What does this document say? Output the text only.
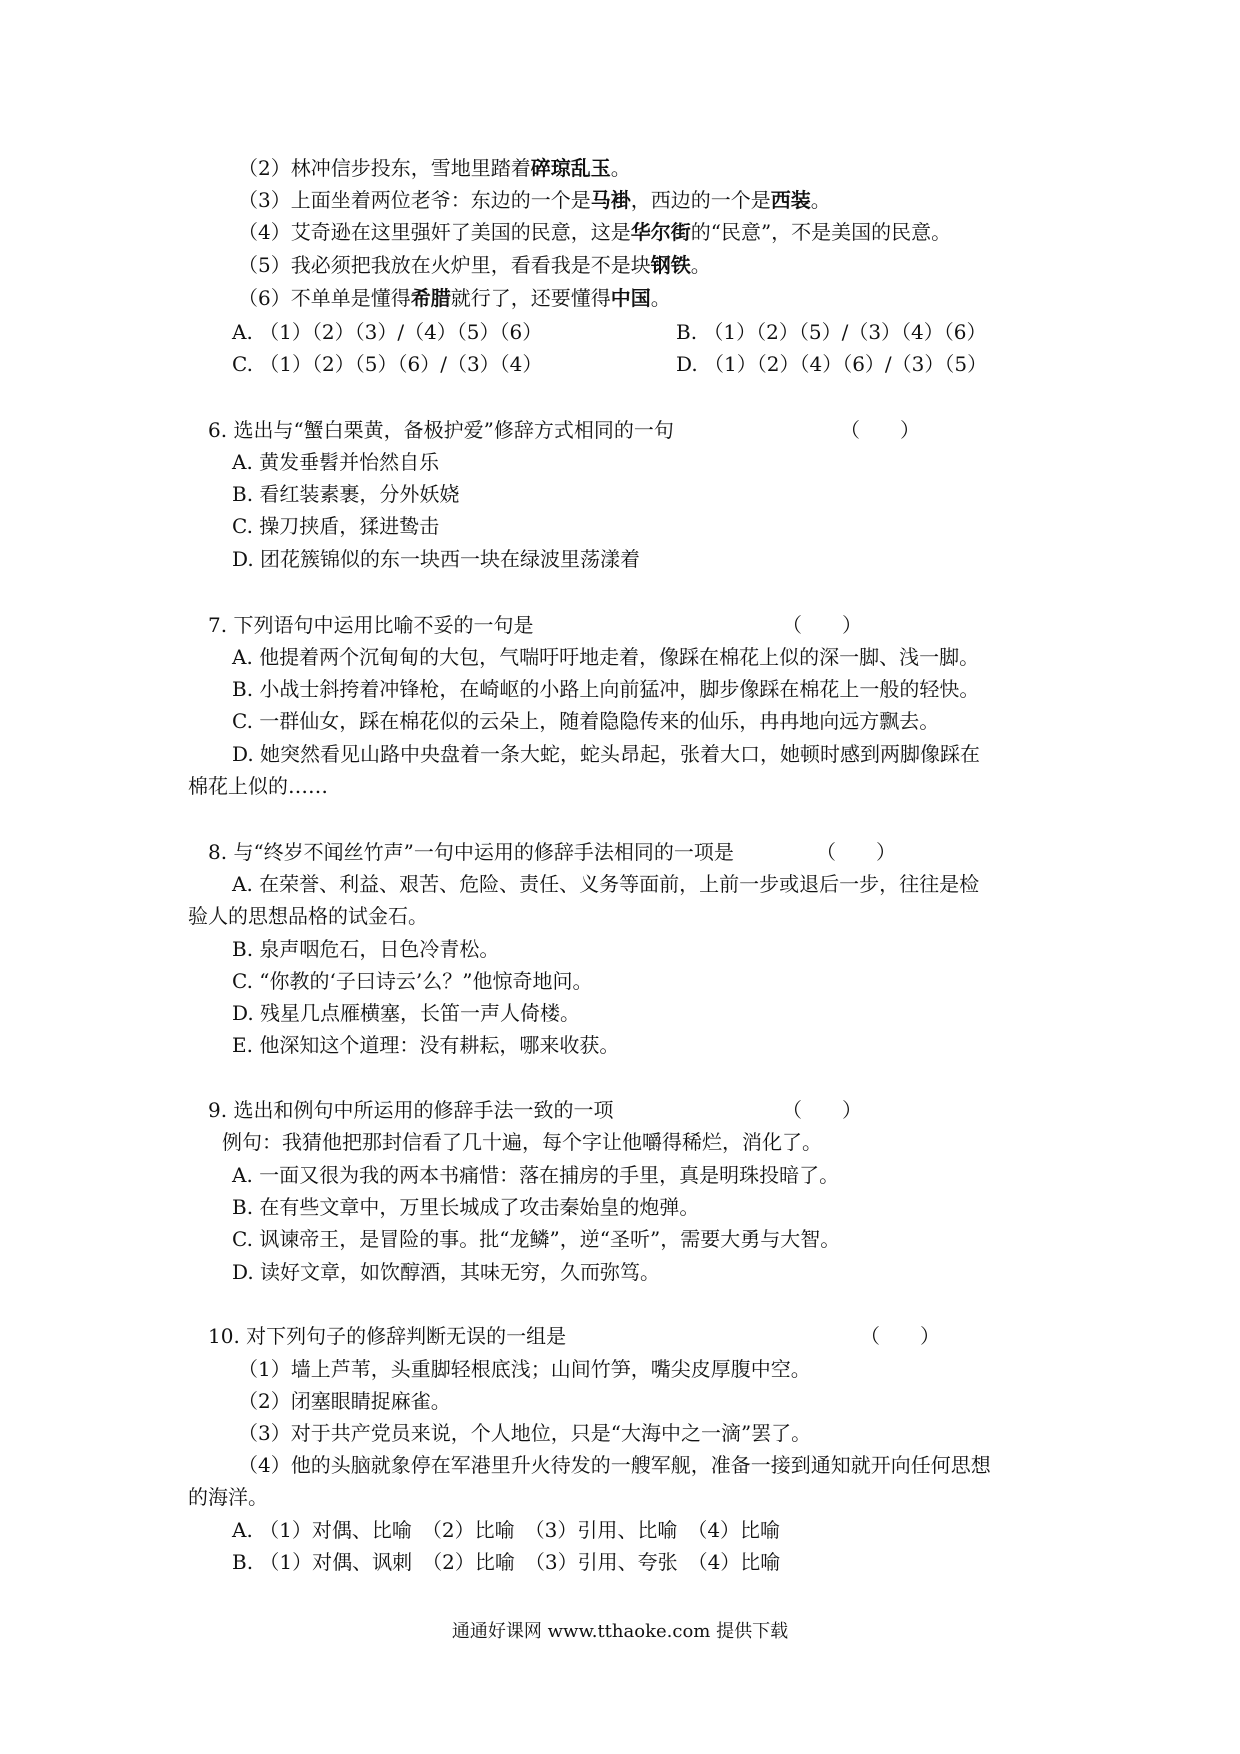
（2）林冲信步投东，雪地里踏着碎琼乱玉。
（3）上面坐着两位老爷：东边的一个是马褂，西边的一个是西装。
（4）艾奇逊在这里强奸了美国的民意，这是华尔街的“民意”，不是美国的民意。
（5）我必须把我放在火炉里，看看我是不是块钢铁。
（6）不单单是懂得希腊就行了，还要懂得中国。
A. （1）（2）（3）/（4）（5）（6）	B. （1）（2）（5）/（3）（4）（6）
C. （1）（2）（5）（6）/（3）（4）	D. （1）（2）（4）（6）/（3）（5）
6. 选出与“蟹白栗黄，备极护爱”修辞方式相同的一句	（　　）
A. 黄发垂髫并怡然自乐
B. 看红装素裹，分外妖娆
C. 操刀挟盾，猱进鸷击
D. 团花簇锦似的东一块西一块在绿波里荡漾着
7. 下列语句中运用比喻不妥的一句是	（　　）
A. 他提着两个沉甸甸的大包，气喘吁吁地走着，像踩在棉花上似的深一脚、浅一脚。
B. 小战士斜挎着冲锋枪，在崎岖的小路上向前猛冲，脚步像踩在棉花上一般的轻快。
C. 一群仙女，踩在棉花似的云朵上，随着隐隐传来的仙乐，冉冉地向远方飘去。
D. 她突然看见山路中央盘着一条大蛇，蛇头昂起，张着大口，她顿时感到两脚像踩在
棉花上似的……
8. 与“终岁不闻丝竹声”一句中运用的修辞手法相同的一项是	（　　）
A. 在荣誉、利益、艰苦、危险、责任、义务等面前，上前一步或退后一步，往往是检
验人的思想品格的试金石。
B. 泉声咽危石，日色冷青松。
C. “你教的‘子曰诗云’么？”他惊奇地问。
D. 残星几点雁横塞，长笛一声人倚楼。
E. 他深知这个道理：没有耕耘，哪来收获。
9. 选出和例句中所运用的修辞手法一致的一项	（　　）
例句：我猜他把那封信看了几十遍，每个字让他嚼得稀烂，消化了。
A. 一面又很为我的两本书痛惜：落在捕房的手里，真是明珠投暗了。
B. 在有些文章中，万里长城成了攻击秦始皇的炮弹。
C. 讽谏帝王，是冒险的事。批“龙鳞”，逆“圣听”，需要大勇与大智。
D. 读好文章，如饮醇酒，其味无穷，久而弥笃。
10. 对下列句子的修辞判断无误的一组是	（　　）
（1）墙上芦苇，头重脚轻根底浅；山间竹笋，嘴尖皮厚腹中空。
（2）闭塞眼睛捉麻雀。
（3）对于共产党员来说，个人地位，只是“大海中之一滴”罢了。
（4）他的头脑就象停在军港里升火待发的一艘军舰，准备一接到通知就开向任何思想
的海洋。
A. （1）对偶、比喻　（2）比喻　（3）引用、比喻　（4）比喻
B. （1）对偶、讽刺　（2）比喻　（3）引用、夸张　（4）比喻
通通好课网 www.tthaoke.com 提供下载
